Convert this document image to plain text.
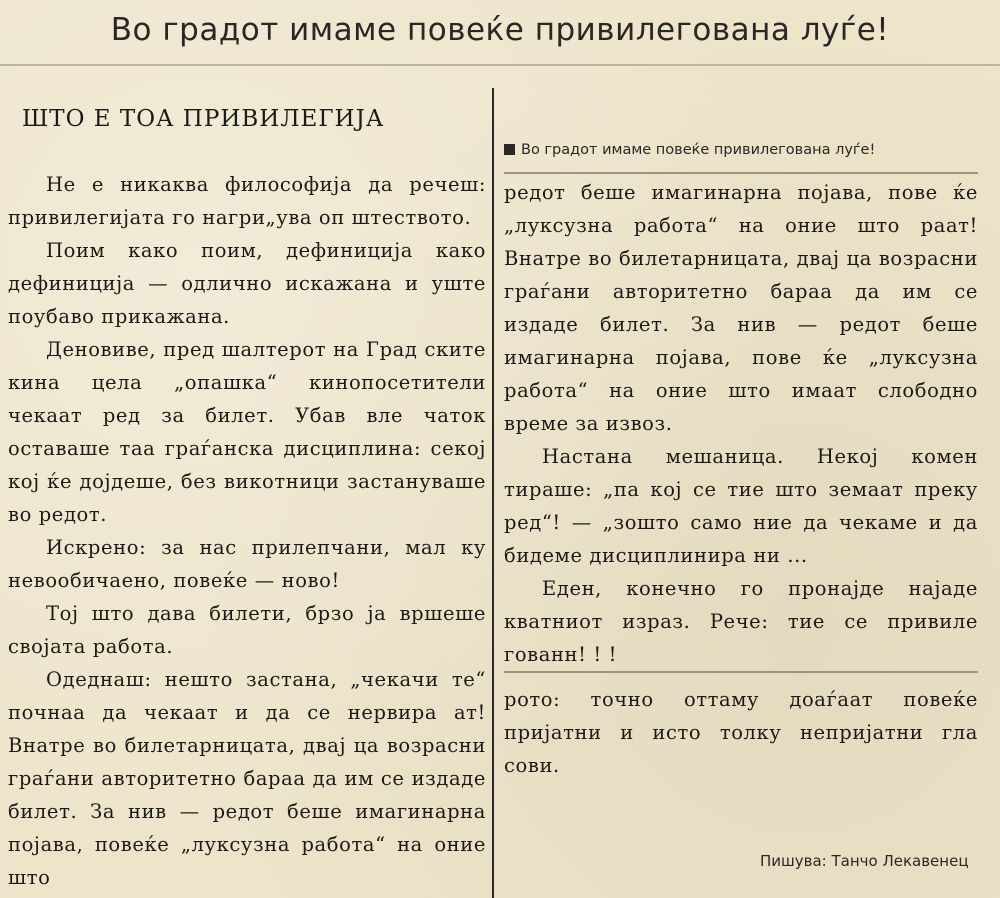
Во градот имаме повеќе привилегована луѓе!
ШТО Е ТОА ПРИВИЛЕГИЈА

Не е никаква философија да речеш: привилегијата го нагри„ува оп штеството.

Поим како поим, дефиниција како дефиниција — одлично искажана и уште поубаво прикажана.

Деновиве, пред шалтерот на Град ските кина цела „опашка“ кинопосетители чекаат ред за билет. Убав вле чаток оставаше таа граѓанска дисциплина: секој кој ќе дојдеше, без викотници застануваше во редот.

Искрено: за нас прилепчани, мал ку невообичаено, повеќе — ново!

Тој што дава билети, брзо ја вршеше својата работа.

Одеднаш: нешто застана, „чекачи те“ почнаа да чекаат и да се нервира ат! Внатре во билетарницата, двај ца возрасни граѓани авторитетно бараа да им се издаде билет. За нив — редот беше имагинарна појава, повеќе „луксузна работа“ на оние што

Во градот имаме повеќе привилегована луѓе!

редот беше имагинарна појава, пове ќе „луксузна работа“ на оние што раат! Внатре во билетарницата, двај ца возрасни граѓани авторитетно бараа да им се издаде билет. За нив — редот беше имагинарна појава, пове ќе „луксузна работа“ на оние што имаат слободно време за извоз.

Настана мешаница. Некој комен тираше: „па кој се тие што земаат преку ред“! — „зошто само ние да чекаме и да бидеме дисциплинира ни ...

Еден, конечно го пронајде најаде кватниот израз. Рече: тие се привиле гованн! ! !

рото: точно оттаму доаѓаат повеќе пријатни и исто толку непријатни гла сови.

Пишува: Танчо Лекавенец
